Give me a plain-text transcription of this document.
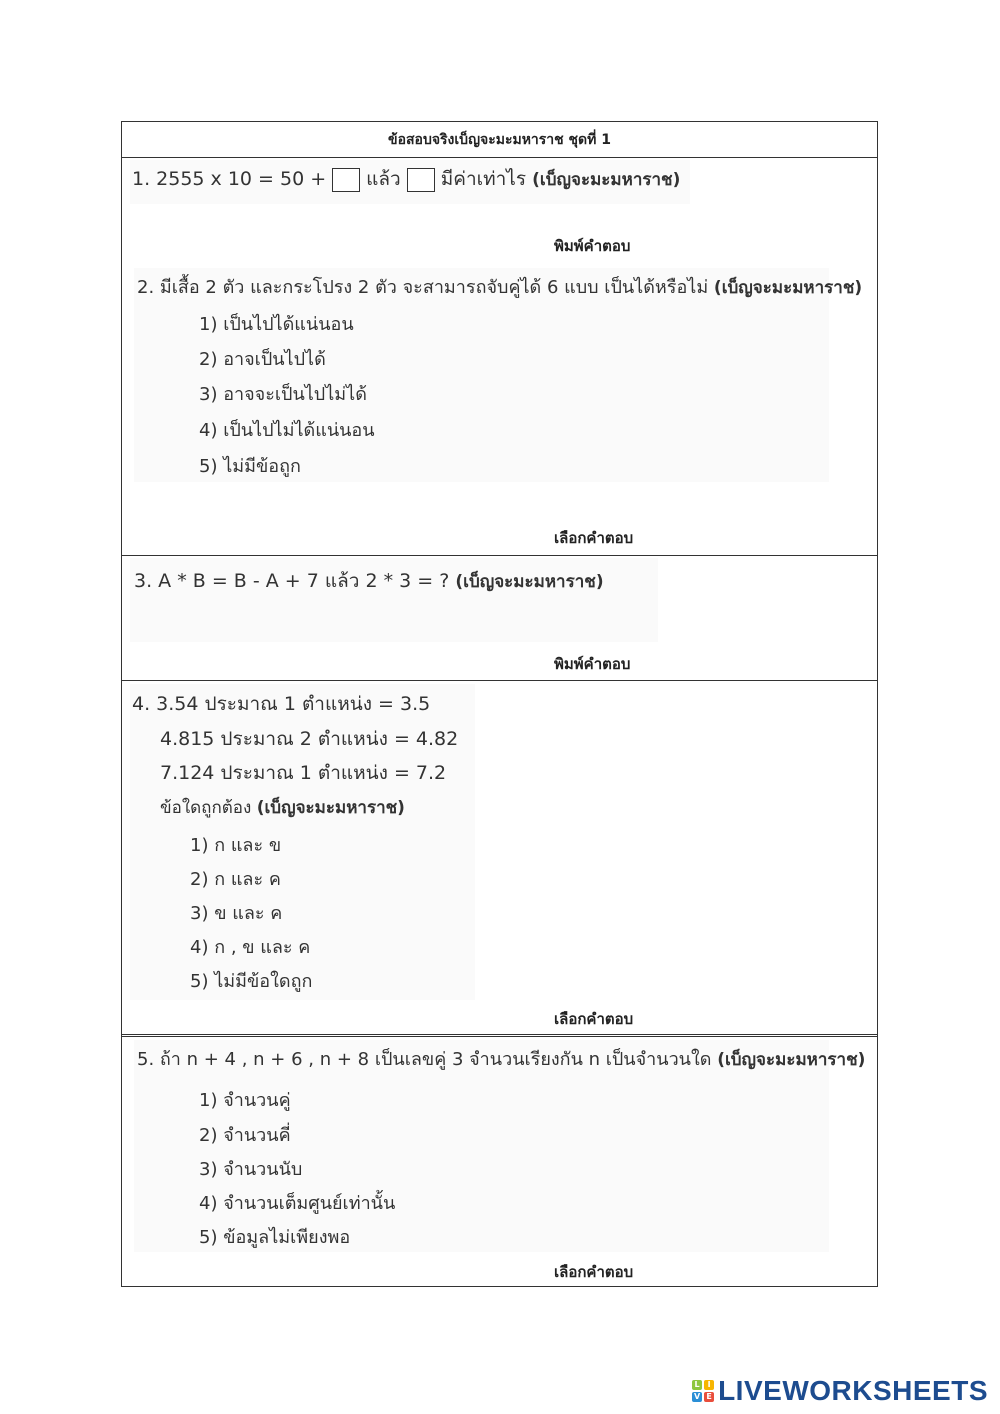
ข้อสอบจริงเบ็ญจะมะมหาราช ชุดที่ 1
1. 2555 x 10 = 50 + แล้ว มีค่าเท่าไร (เบ็ญจะมะมหาราช)
พิมพ์คำตอบ
2. มีเสื้อ 2 ตัว และกระโปรง 2 ตัว จะสามารถจับคู่ได้ 6 แบบ เป็นได้หรือไม่ (เบ็ญจะมะมหาราช)
1) เป็นไปได้แน่นอน
2) อาจเป็นไปได้
3) อาจจะเป็นไปไม่ได้
4) เป็นไปไม่ได้แน่นอน
5) ไม่มีข้อถูก
เลือกคำตอบ
3. A * B = B - A + 7 แล้ว 2 * 3 = ? (เบ็ญจะมะมหาราช)
พิมพ์คำตอบ
4. 3.54 ประมาณ 1 ตำแหน่ง = 3.5
4.815 ประมาณ 2 ตำแหน่ง = 4.82
7.124 ประมาณ 1 ตำแหน่ง = 7.2
ข้อใดถูกต้อง (เบ็ญจะมะมหาราช)
1) ก และ ข
2) ก และ ค
3) ข และ ค
4) ก , ข และ ค
5) ไม่มีข้อใดถูก
เลือกคำตอบ
5. ถ้า n + 4 , n + 6 , n + 8 เป็นเลขคู่ 3 จำนวนเรียงกัน n เป็นจำนวนใด (เบ็ญจะมะมหาราช)
1) จำนวนคู่
2) จำนวนคี่
3) จำนวนนับ
4) จำนวนเต็มศูนย์เท่านั้น
5) ข้อมูลไม่เพียงพอ
เลือกคำตอบ
L I
V E LIVEWORKSHEETS
